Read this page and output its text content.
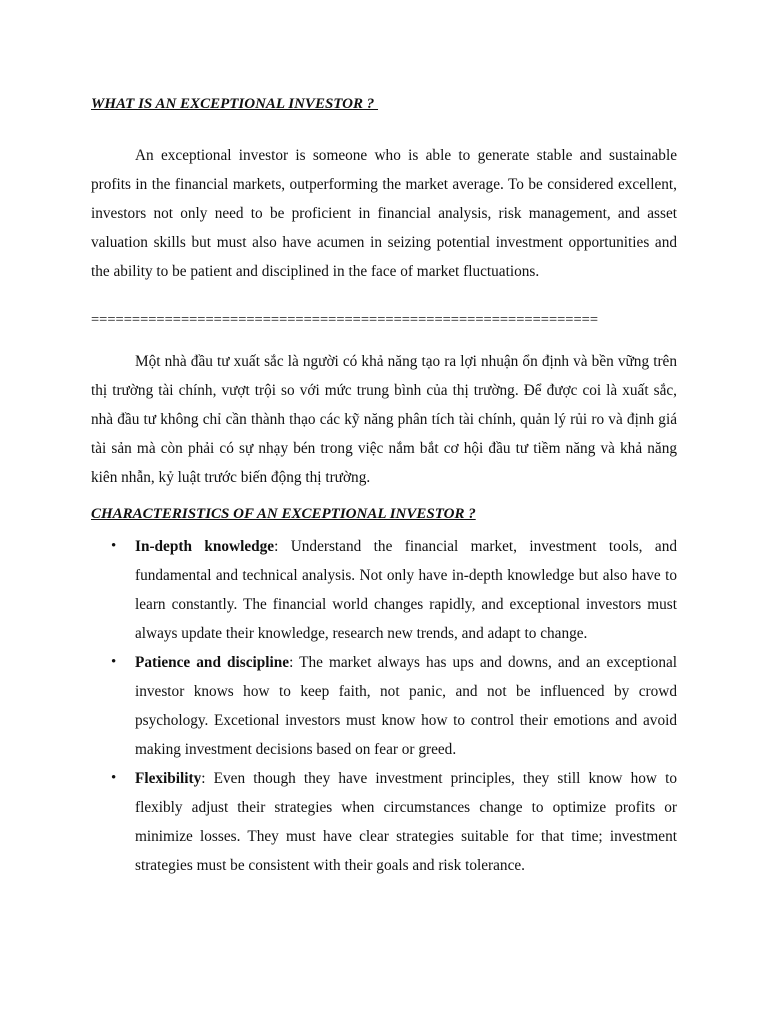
WHAT IS AN EXCEPTIONAL INVESTOR ?

An exceptional investor is someone who is able to generate stable and sustainable profits in the financial markets, outperforming the market average. To be considered excellent, investors not only need to be proficient in financial analysis, risk management, and asset valuation skills but must also have acumen in seizing potential investment opportunities and the ability to be patient and disciplined in the face of market fluctuations.

==============================================================

Một nhà đầu tư xuất sắc là người có khả năng tạo ra lợi nhuận ổn định và bền vững trên thị trường tài chính, vượt trội so với mức trung bình của thị trường. Để được coi là xuất sắc, nhà đầu tư không chỉ cần thành thạo các kỹ năng phân tích tài chính, quản lý rủi ro và định giá tài sản mà còn phải có sự nhạy bén trong việc nắm bắt cơ hội đầu tư tiềm năng và khả năng kiên nhẫn, kỷ luật trước biến động thị trường.

CHARACTERISTICS OF AN EXCEPTIONAL INVESTOR ?

• In-depth knowledge: Understand the financial market, investment tools, and fundamental and technical analysis. Not only have in-depth knowledge but also have to learn constantly. The financial world changes rapidly, and exceptional investors must always update their knowledge, research new trends, and adapt to change.
• Patience and discipline: The market always has ups and downs, and an exceptional investor knows how to keep faith, not panic, and not be influenced by crowd psychology. Excetional investors must know how to control their emotions and avoid making investment decisions based on fear or greed.
• Flexibility: Even though they have investment principles, they still know how to flexibly adjust their strategies when circumstances change to optimize profits or minimize losses. They must have clear strategies suitable for that time; investment strategies must be consistent with their goals and risk tolerance.
